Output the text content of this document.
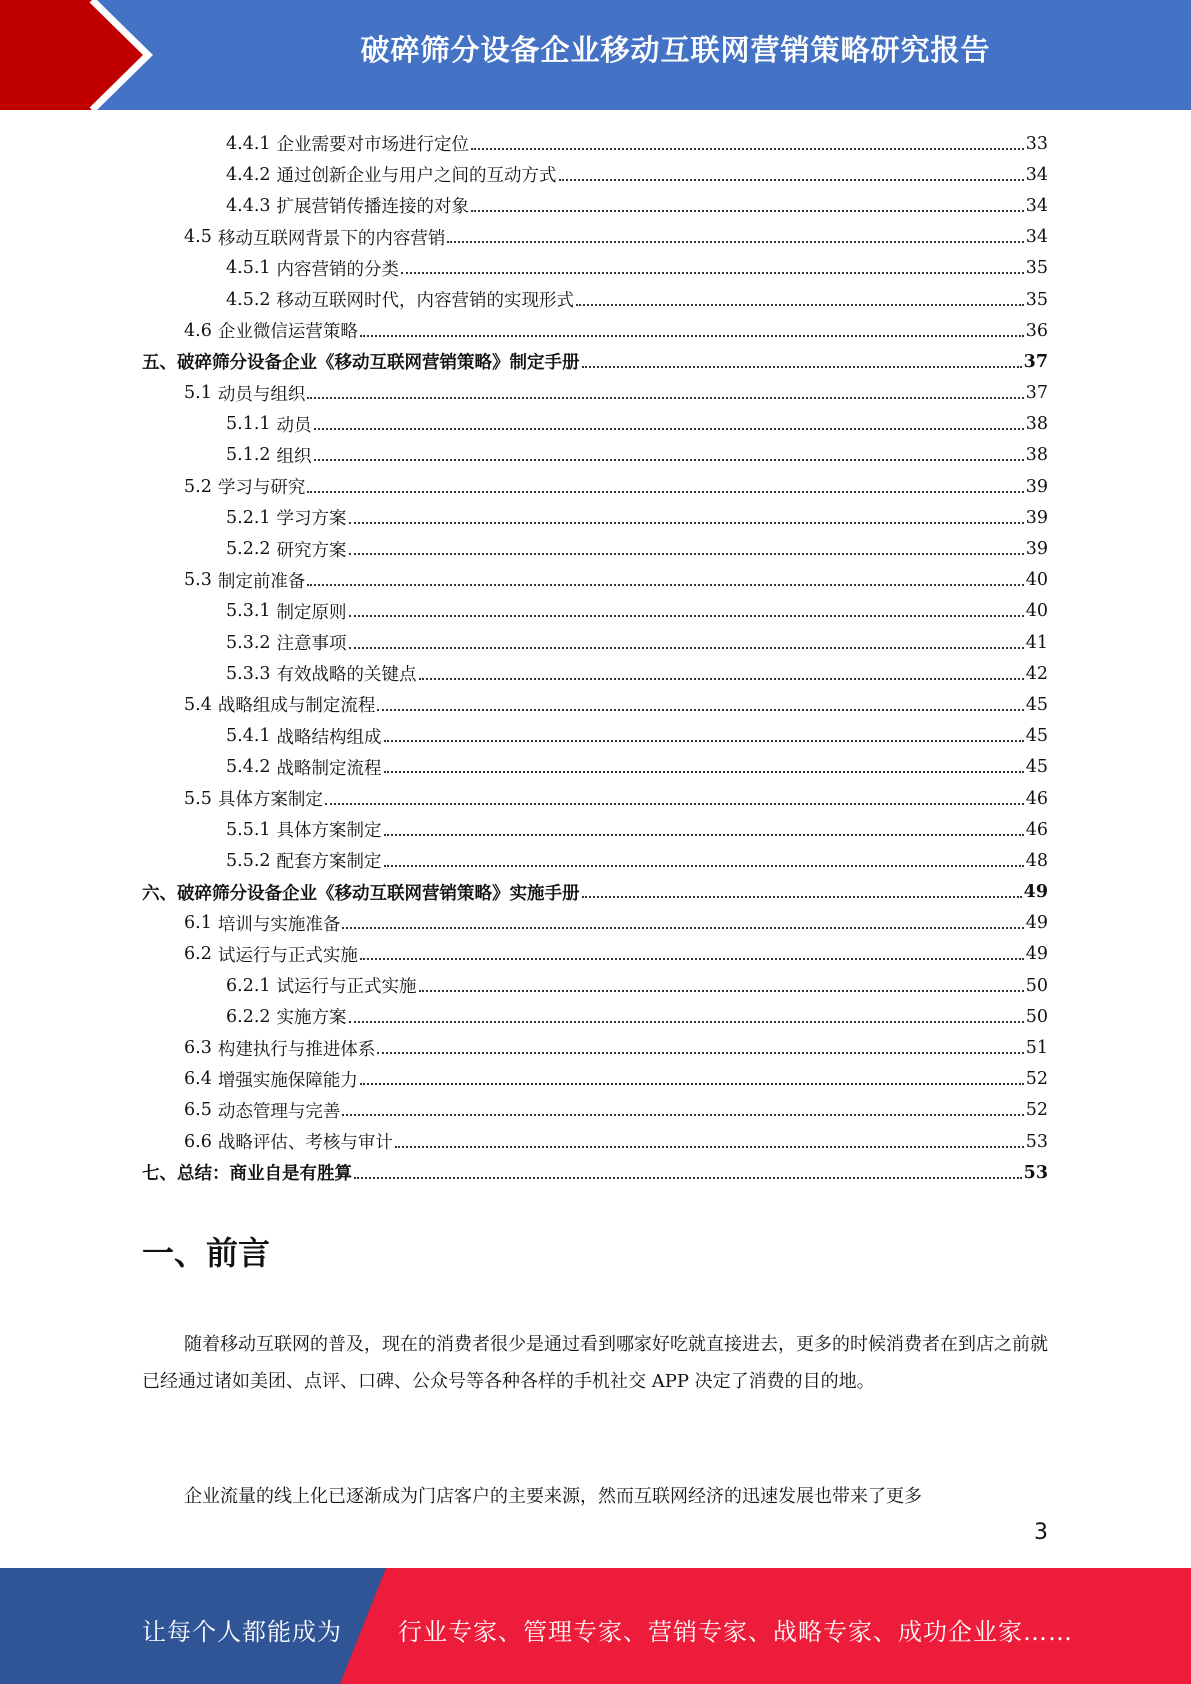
破碎筛分设备企业移动互联网营销策略研究报告
4.4.1 企业需要对市场进行定位	33
4.4.2 通过创新企业与用户之间的互动方式	34
4.4.3 扩展营销传播连接的对象	34
4.5 移动互联网背景下的内容营销	34
4.5.1 内容营销的分类	35
4.5.2 移动互联网时代，内容营销的实现形式	35
4.6 企业微信运营策略	36
五、破碎筛分设备企业《移动互联网营销策略》制定手册	37
5.1 动员与组织	37
5.1.1 动员	38
5.1.2 组织	38
5.2 学习与研究	39
5.2.1 学习方案	39
5.2.2 研究方案	39
5.3 制定前准备	40
5.3.1 制定原则	40
5.3.2 注意事项	41
5.3.3 有效战略的关键点	42
5.4 战略组成与制定流程	45
5.4.1 战略结构组成	45
5.4.2 战略制定流程	45
5.5 具体方案制定	46
5.5.1 具体方案制定	46
5.5.2 配套方案制定	48
六、破碎筛分设备企业《移动互联网营销策略》实施手册	49
6.1 培训与实施准备	49
6.2 试运行与正式实施	49
6.2.1 试运行与正式实施	50
6.2.2 实施方案	50
6.3 构建执行与推进体系	51
6.4 增强实施保障能力	52
6.5 动态管理与完善	52
6.6 战略评估、考核与审计	53
七、总结：商业自是有胜算	53
一、前言

随着移动互联网的普及，现在的消费者很少是通过看到哪家好吃就直接进去，更多的时候消费者在到店之前就已经通过诸如美团、点评、口碑、公众号等各种各样的手机社交 APP 决定了消费的目的地。

企业流量的线上化已逐渐成为门店客户的主要来源，然而互联网经济的迅速发展也带来了更多

3
让每个人都能成为 行业专家、管理专家、营销专家、战略专家、成功企业家……
